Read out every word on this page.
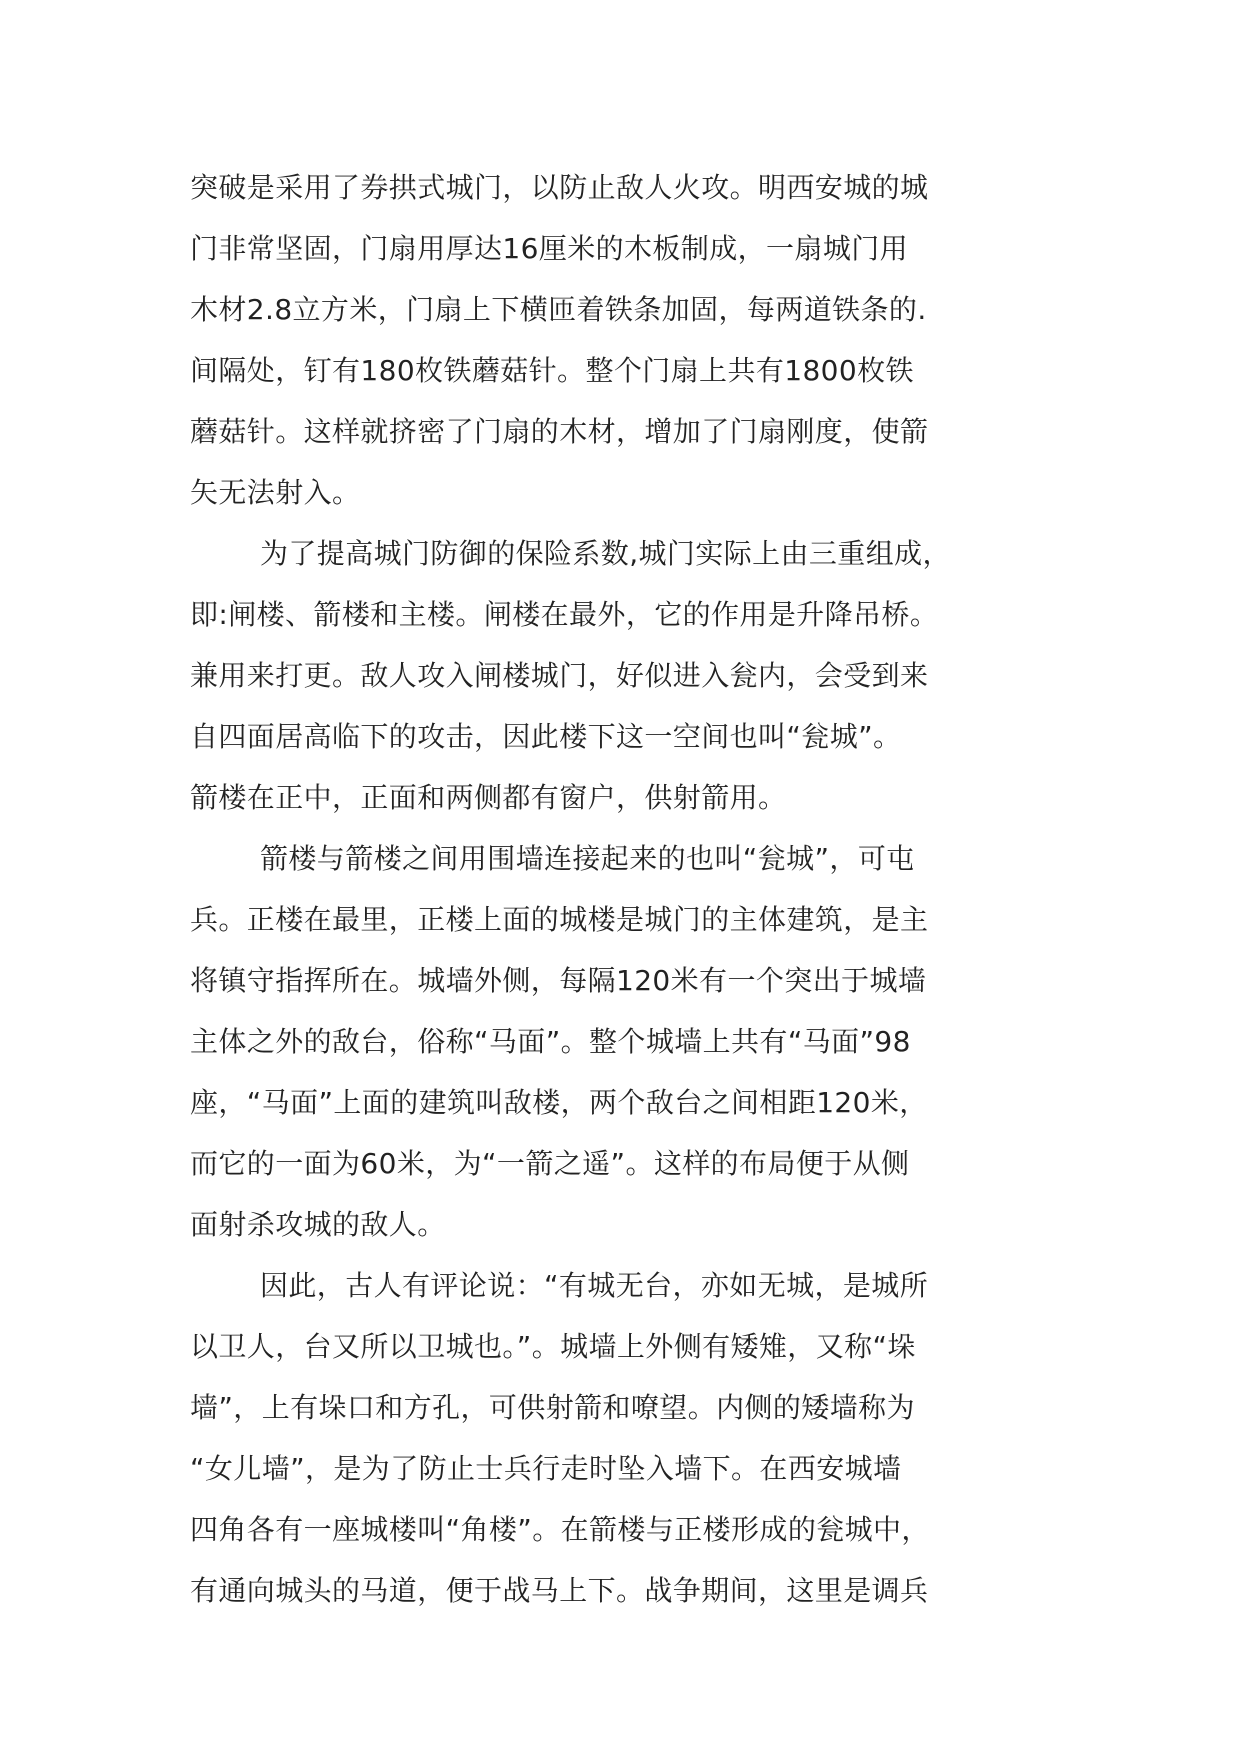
突破是采用了券拱式城门，以防止敌人火攻。明西安城的城
门非常坚固，门扇用厚达16厘米的木板制成，一扇城门用
木材2.8立方米，门扇上下横匝着铁条加固，每两道铁条的.
间隔处，钉有180枚铁蘑菇针。整个门扇上共有1800枚铁
蘑菇针。这样就挤密了门扇的木材，增加了门扇刚度，使箭
矢无法射入。
为了提高城门防御的保险系数,城门实际上由三重组成，
即:闸楼、箭楼和主楼。闸楼在最外，它的作用是升降吊桥。
兼用来打更。敌人攻入闸楼城门，好似进入瓮内，会受到来
自四面居高临下的攻击，因此楼下这一空间也叫“瓮城”。
箭楼在正中，正面和两侧都有窗户，供射箭用。
箭楼与箭楼之间用围墙连接起来的也叫“瓮城”，可屯
兵。正楼在最里，正楼上面的城楼是城门的主体建筑，是主
将镇守指挥所在。城墙外侧，每隔120米有一个突出于城墙
主体之外的敌台，俗称“马面”。整个城墙上共有“马面”98
座，“马面”上面的建筑叫敌楼，两个敌台之间相距120米，
而它的一面为60米，为“一箭之遥”。这样的布局便于从侧
面射杀攻城的敌人。
因此，古人有评论说：“有城无台，亦如无城，是城所
以卫人，台又所以卫城也。”。城墙上外侧有矮雉，又称“垛
墙”，上有垛口和方孔，可供射箭和嘹望。内侧的矮墙称为
“女儿墙”，是为了防止士兵行走时坠入墙下。在西安城墙
四角各有一座城楼叫“角楼”。在箭楼与正楼形成的瓮城中，
有通向城头的马道，便于战马上下。战争期间，这里是调兵
